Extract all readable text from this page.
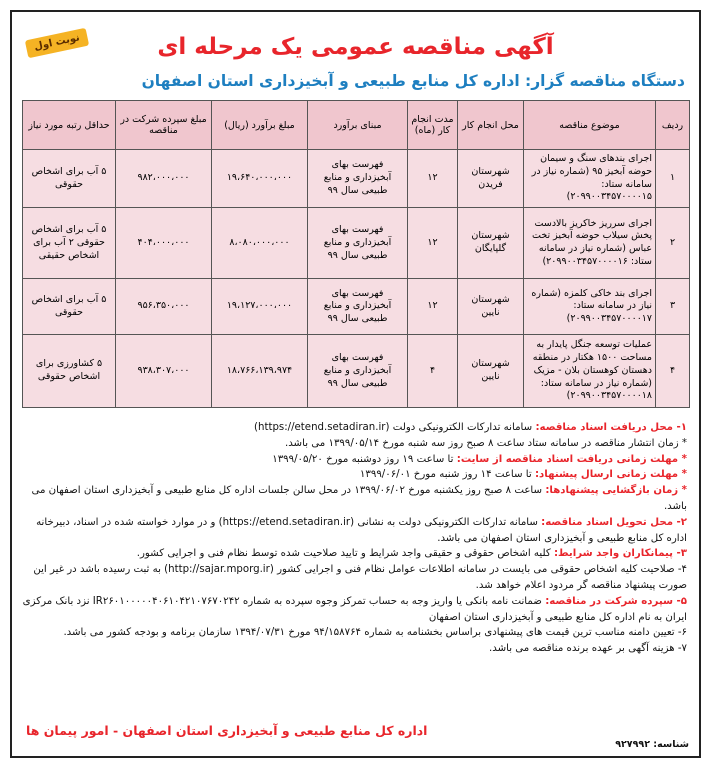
آگهی مناقصه عمومی یک مرحله ای
نوبت اول
دستگاه مناقصه گزار: اداره کل منابع طبیعی و آبخیزداری استان اصفهان
ردیف	موضوع مناقصه	محل انجام کار	مدت انجام کار (ماه)	مبنای برآورد	مبلغ برآورد (ریال)	مبلغ سپرده شرکت در مناقصه	حداقل رتبه مورد نیاز
۱	اجرای بندهای سنگ و سیمان حوضه آبخیز ۹۵ (شماره نیاز در سامانه ستاد: ۲۰۹۹۰۰۳۴۵۷۰۰۰۰۱۵)	شهرستان فریدن	۱۲	فهرست بهای آبخیزداری و منابع طبیعی سال ۹۹	۱۹،۶۴۰،۰۰۰،۰۰۰	۹۸۲،۰۰۰،۰۰۰	۵ آب برای اشخاص حقوقی
۲	اجرای سرریز خاکریز بالادست پخش سیلاب حوضه آبخیز تخت عباس (شماره نیاز در سامانه ستاد: ۲۰۹۹۰۰۳۴۵۷۰۰۰۰۱۶)	شهرستان گلپایگان	۱۲	فهرست بهای آبخیزداری و منابع طبیعی سال ۹۹	۸،۰۸۰،۰۰۰،۰۰۰	۴۰۴،۰۰۰،۰۰۰	۵ آب برای اشخاص حقوقی ۲ آب برای اشخاص حقیقی
۳	اجرای بند خاکی کلمزه (شماره نیاز در سامانه ستاد: ۲۰۹۹۰۰۳۴۵۷۰۰۰۰۱۷)	شهرستان نایین	۱۲	فهرست بهای آبخیزداری و منابع طبیعی سال ۹۹	۱۹،۱۲۷،۰۰۰،۰۰۰	۹۵۶،۳۵۰،۰۰۰	۵ آب برای اشخاص حقوقی
۴	عملیات توسعه جنگل پایدار به مساحت ۱۵۰۰ هکتار در منطقه دهستان کوهستان بلان - مزیک (شماره نیاز در سامانه ستاد: ۲۰۹۹۰۰۳۴۵۷۰۰۰۰۱۸)	شهرستان نایین	۴	فهرست بهای آبخیزداری و منابع طبیعی سال ۹۹	۱۸،۷۶۶،۱۳۹،۹۷۴	۹۳۸،۳۰۷،۰۰۰	۵ کشاورزی برای اشخاص حقوقی

۱- محل دریافت اسناد مناقصه: سامانه تدارکات الکترونیکی دولت (https://etend.setadiran.ir)

* زمان انتشار مناقصه در سامانه ستاد ساعت ۸ صبح روز سه شنبه مورخ ۱۳۹۹/۰۵/۱۴ می باشد.

* مهلت زمانی دریافت اسناد مناقصه از سایت: تا ساعت ۱۹ روز دوشنبه مورخ ۱۳۹۹/۰۵/۲۰

* مهلت زمانی ارسال پیشنهاد: تا ساعت ۱۴ روز شنبه مورخ ۱۳۹۹/۰۶/۰۱

* زمان بازگشایی پیشنهادها: ساعت ۸ صبح روز یکشنبه مورخ ۱۳۹۹/۰۶/۰۲ در محل سالن جلسات اداره کل منابع طبیعی و آبخیزداری استان اصفهان می باشد.

۲- محل تحویل اسناد مناقصه: سامانه تدارکات الکترونیکی دولت به نشانی (https://etend.setadiran.ir) و در موارد خواسته شده در اسناد، دبیرخانه اداره کل منابع طبیعی و آبخیزداری استان اصفهان می باشد.

۳- پیمانکاران واجد شرایط: کلیه اشخاص حقوقی و حقیقی واجد شرایط و تایید صلاحیت شده توسط نظام فنی و اجرایی کشور.

۴- صلاحیت کلیه اشخاص حقوقی می بایست در سامانه اطلاعات عوامل نظام فنی و اجرایی کشور (http://sajar.mporg.ir) به ثبت رسیده باشد در غیر این صورت پیشنهاد مناقصه گر مردود اعلام خواهد شد.

۵- سپرده شرکت در مناقصه: ضمانت نامه بانکی یا واریز وجه به حساب تمرکز وجوه سپرده به شماره IR۲۶۰۱۰۰۰۰۰۴۰۶۱۰۴۲۱۰۷۶۷۰۲۴۲ نزد بانک مرکزی ایران به نام اداره کل منابع طبیعی و آبخیزداری استان اصفهان

۶- تعیین دامنه مناسب ترین قیمت های پیشنهادی براساس بخشنامه به شماره ۹۴/۱۵۸۷۶۴ مورخ ۱۳۹۴/۰۷/۳۱ سازمان برنامه و بودجه کشور می باشد.

۷- هزینه آگهی بر عهده برنده مناقصه می باشد.

اداره کل منابع طبیعی و آبخیزداری استان اصفهان - امور پیمان ها
شناسه: ۹۲۷۹۹۲
